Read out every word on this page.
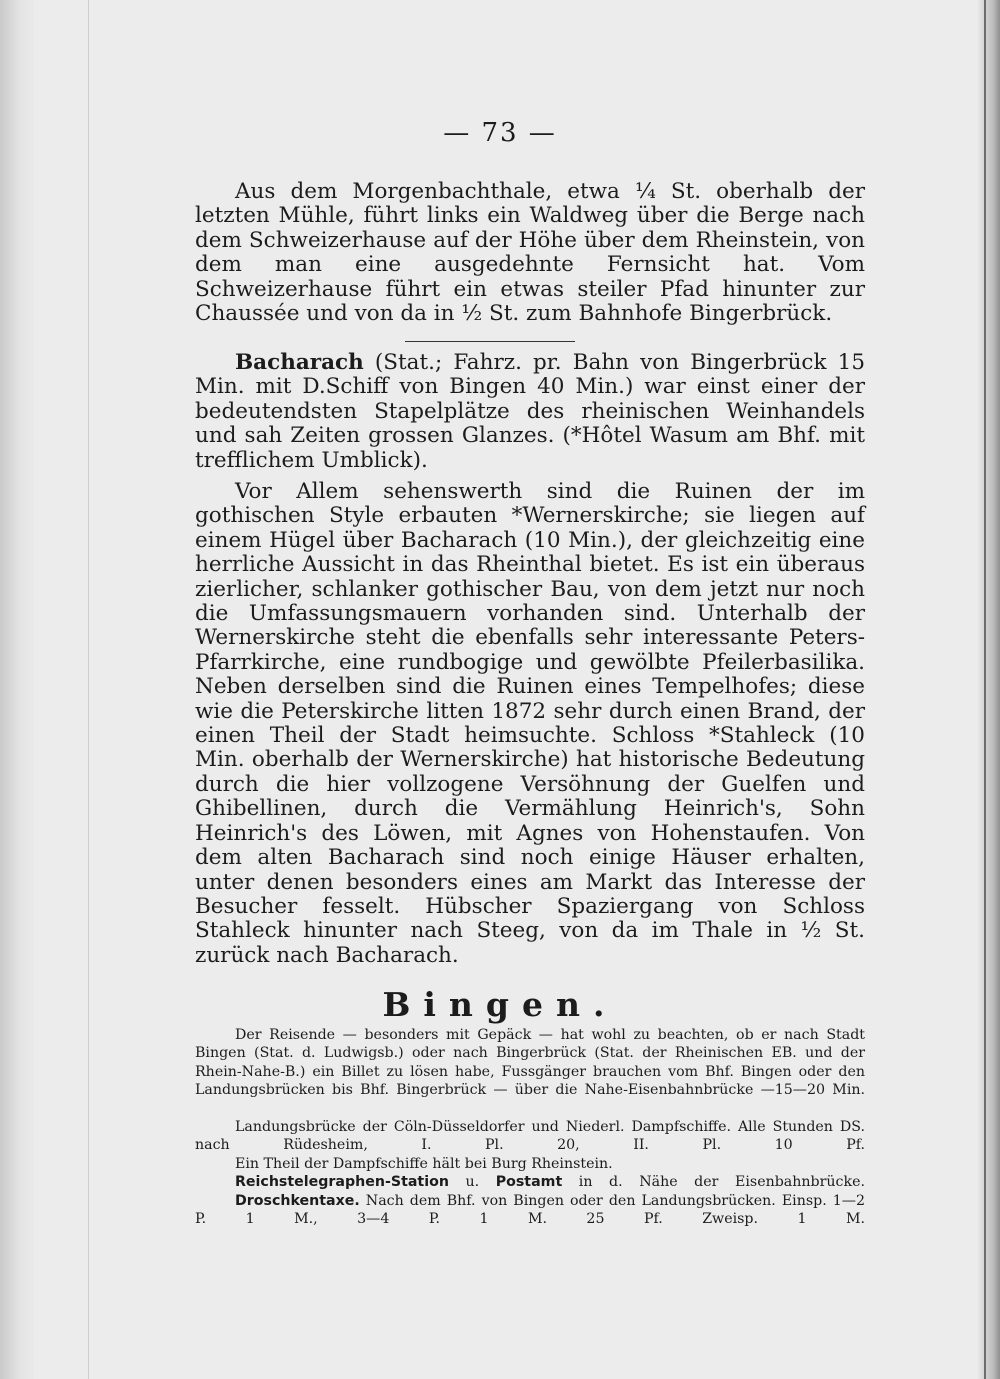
— 73 —

Aus dem Morgenbachthale, etwa ¼ St. oberhalb der letzten Mühle, führt links ein Waldweg über die Berge nach dem Schweizerhause auf der Höhe über dem Rheinstein, von dem man eine ausgedehnte Fernsicht hat. Vom Schweizerhause führt ein etwas steiler Pfad hinunter zur Chaussée und von da in ½ St. zum Bahnhofe Bingerbrück.

Bacharach (Stat.; Fahrz. pr. Bahn von Bingerbrück 15 Min. mit D.Schiff von Bingen 40 Min.) war einst einer der bedeutendsten Stapelplätze des rheinischen Weinhandels und sah Zeiten grossen Glanzes. (*Hôtel Wasum am Bhf. mit trefflichem Umblick).

Vor Allem sehenswerth sind die Ruinen der im gothischen Style erbauten *Wernerskirche; sie liegen auf einem Hügel über Bacharach (10 Min.), der gleichzeitig eine herrliche Aussicht in das Rheinthal bietet. Es ist ein überaus zierlicher, schlanker gothischer Bau, von dem jetzt nur noch die Umfassungsmauern vorhanden sind. Unterhalb der Wernerskirche steht die ebenfalls sehr interessante Peters-Pfarrkirche, eine rundbogige und gewölbte Pfeilerbasilika. Neben derselben sind die Ruinen eines Tempelhofes; diese wie die Peterskirche litten 1872 sehr durch einen Brand, der einen Theil der Stadt heimsuchte. Schloss *Stahleck (10 Min. oberhalb der Wernerskirche) hat historische Bedeutung durch die hier vollzogene Versöhnung der Guelfen und Ghibellinen, durch die Vermählung Heinrich's, Sohn Heinrich's des Löwen, mit Agnes von Hohenstaufen. Von dem alten Bacharach sind noch einige Häuser erhalten, unter denen besonders eines am Markt das Interesse der Besucher fesselt. Hübscher Spaziergang von Schloss Stahleck hinunter nach Steeg, von da im Thale in ½ St. zurück nach Bacharach.

Bingen.

Der Reisende — besonders mit Gepäck — hat wohl zu beachten, ob er nach Stadt Bingen (Stat. d. Ludwigsb.) oder nach Bingerbrück (Stat. der Rheinischen EB. und der Rhein-Nahe-B.) ein Billet zu lösen habe, Fussgänger brauchen vom Bhf. Bingen oder den Landungsbrücken bis Bhf. Bingerbrück — über die Nahe-Eisenbahnbrücke —15—20 Min.

Landungsbrücke der Cöln-Düsseldorfer und Niederl. Dampfschiffe. Alle Stunden DS. nach Rüdesheim, I. Pl. 20, II. Pl. 10 Pf.

Ein Theil der Dampfschiffe hält bei Burg Rheinstein.

Reichstelegraphen-Station u. Postamt in d. Nähe der Eisenbahnbrücke.

Droschkentaxe. Nach dem Bhf. von Bingen oder den Landungsbrücken. Einsp. 1—2 P. 1 M., 3—4 P. 1 M. 25 Pf. Zweisp. 1 M.
